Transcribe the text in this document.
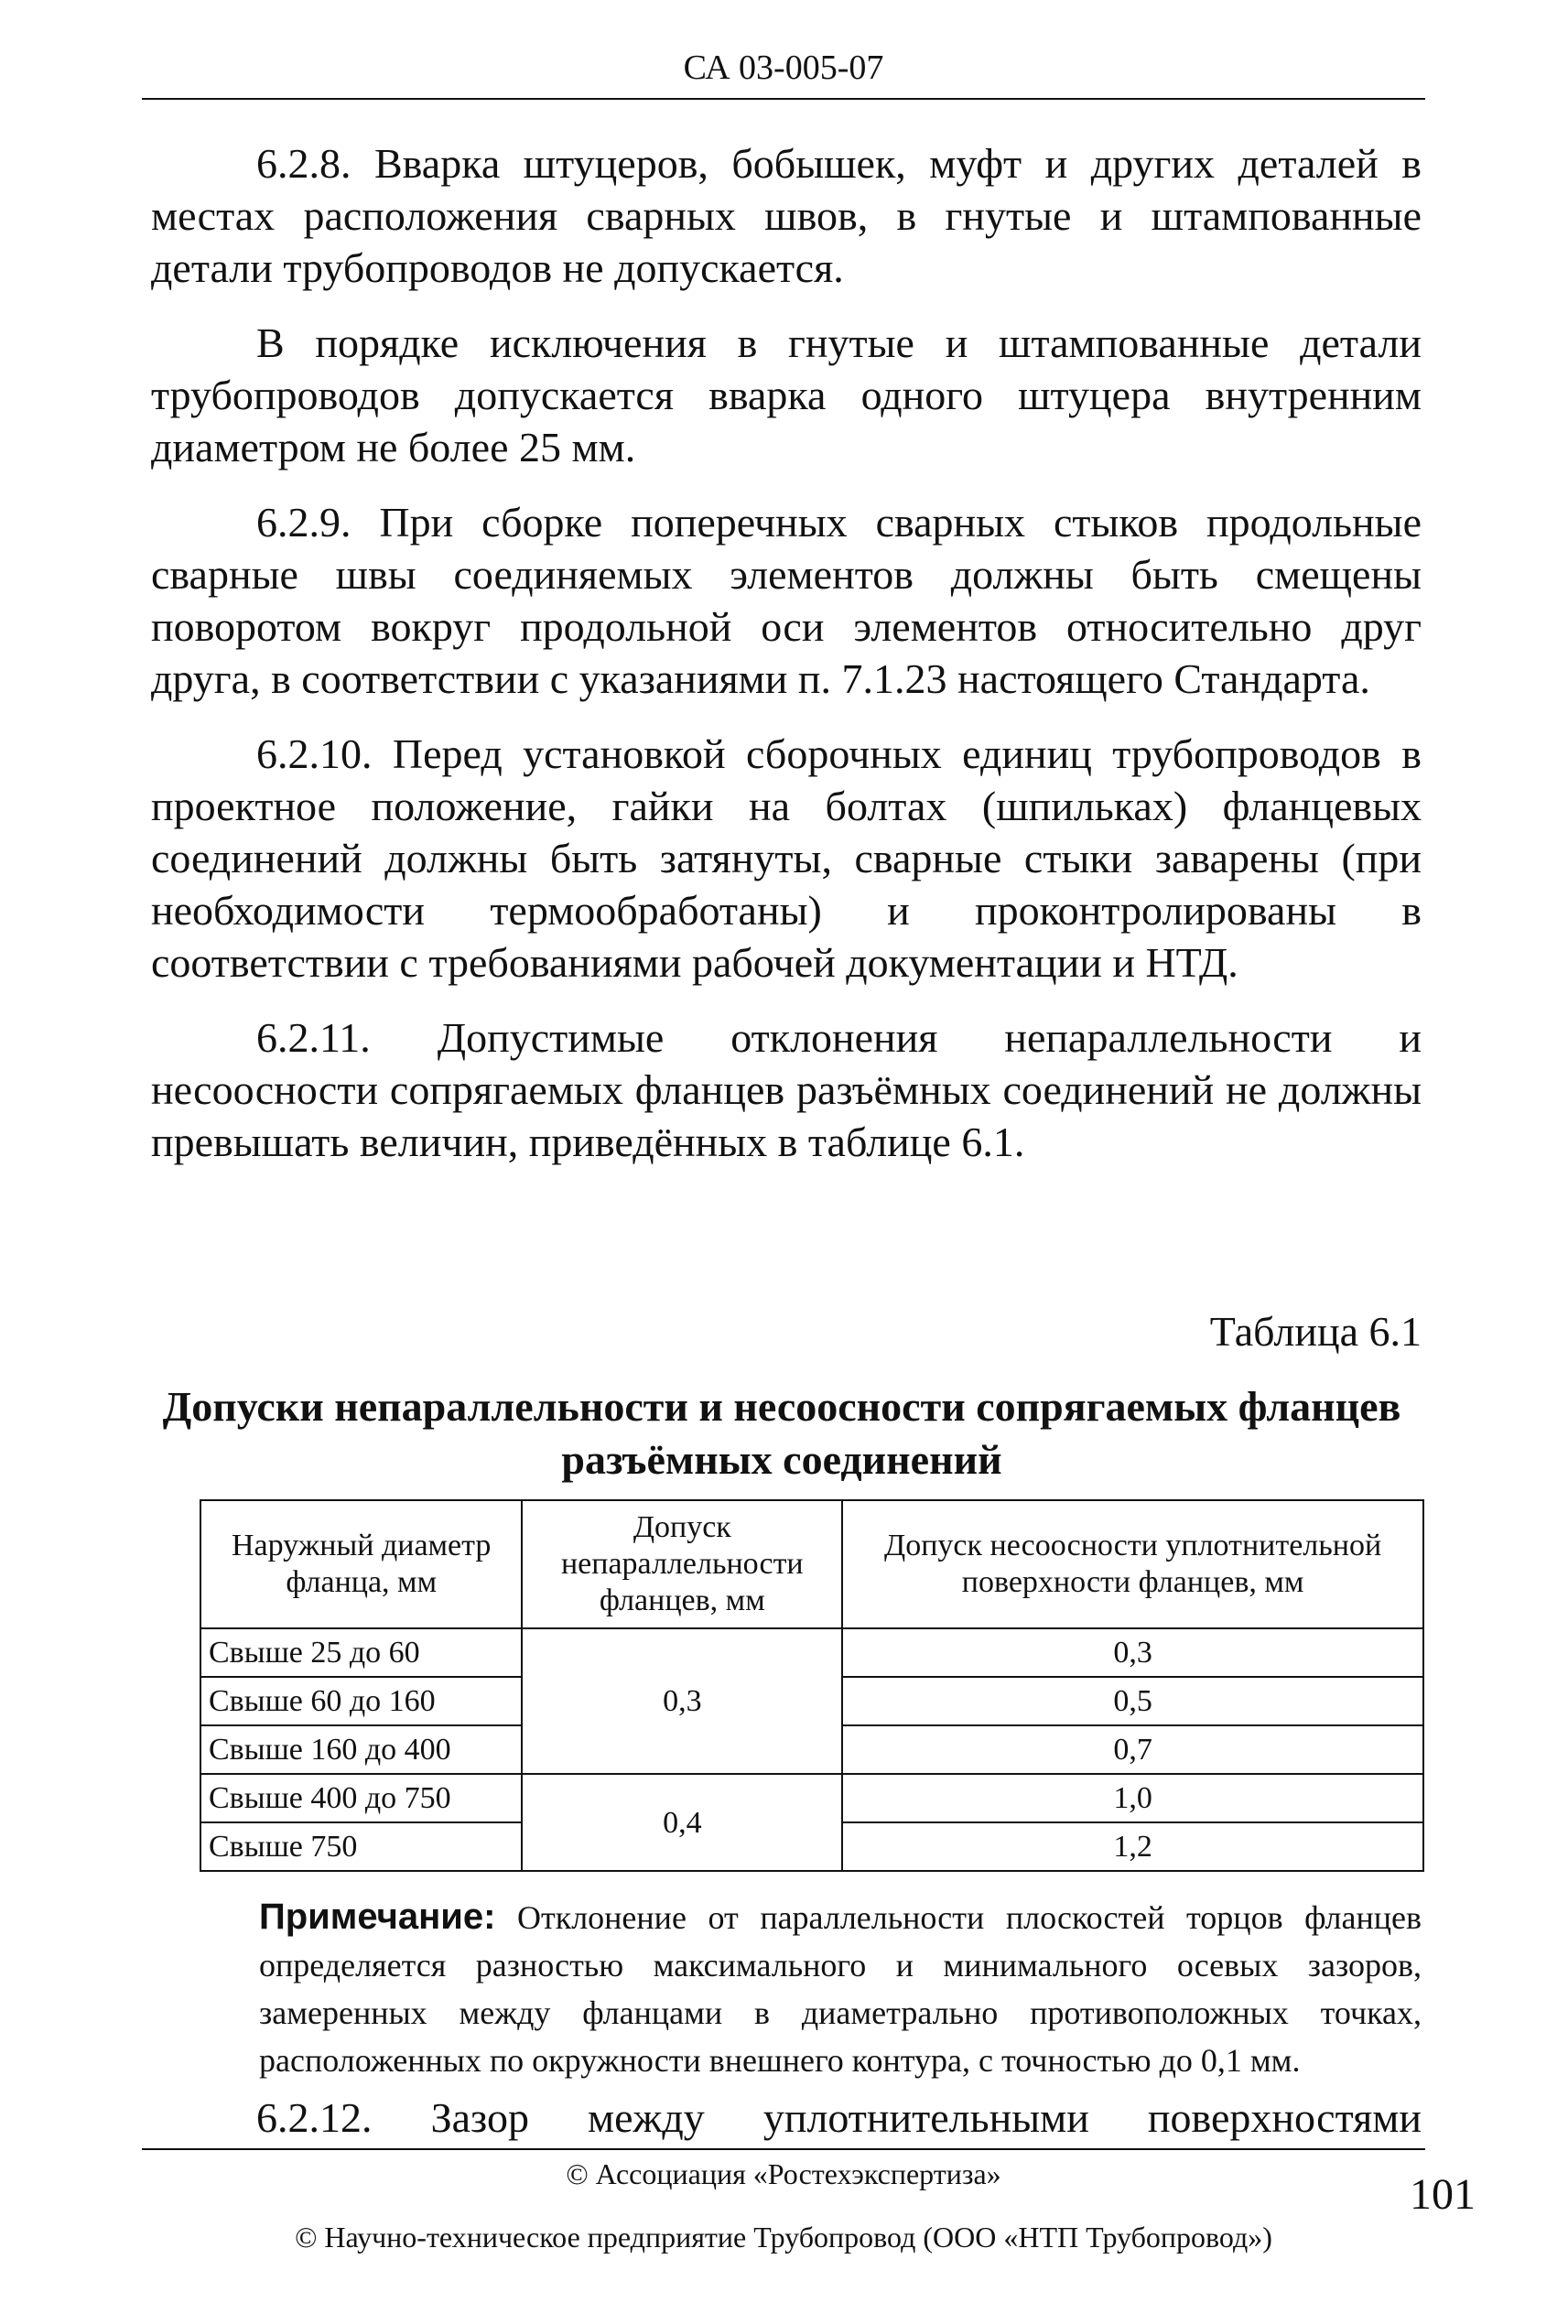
СА 03-005-07

6.2.8. Вварка штуцеров, бобышек, муфт и других деталей в местах расположения сварных швов, в гнутые и штампованные детали трубопроводов не допускается.

В порядке исключения в гнутые и штампованные детали трубопроводов допускается вварка одного штуцера внутренним диаметром не более 25 мм.

6.2.9. При сборке поперечных сварных стыков продольные сварные швы соединяемых элементов должны быть смещены поворотом вокруг продольной оси элементов относительно друг друга, в соответствии с указаниями п. 7.1.23 настоящего Стандарта.

6.2.10. Перед установкой сборочных единиц трубопроводов в проектное положение, гайки на болтах (шпильках) фланцевых соединений должны быть затянуты, сварные стыки заварены (при необходимости термообработаны) и проконтролированы в соответствии с требованиями рабочей документации и НТД.

6.2.11. Допустимые отклонения непараллельности и несоосности сопрягаемых фланцев разъёмных соединений не должны превышать величин, приведённых в таблице 6.1.

Таблица 6.1
Допуски непараллельности и несоосности сопрягаемых фланцев разъёмных соединений
Наружный диаметр фланца, мм	Допуск непараллельности фланцев, мм	Допуск несоосности уплотнительной поверхности фланцев, мм
Свыше 25 до 60	0,3	0,3
Свыше 60 до 160		0,5
Свыше 160 до 400		0,7
Свыше 400 до 750	0,4	1,0
Свыше 750		1,2
Примечание: Отклонение от параллельности плоскостей торцов фланцев определяется разностью максимального и минимального осевых зазоров, замеренных между фланцами в диаметрально противоположных точках, расположенных по окружности внешнего контура, с точностью до 0,1 мм.
6.2.12. Зазор между уплотнительными поверхностями
© Ассоциация «Ростехэкспертиза»
© Научно-техническое предприятие Трубопровод (ООО «НТП Трубопровод»)
101
